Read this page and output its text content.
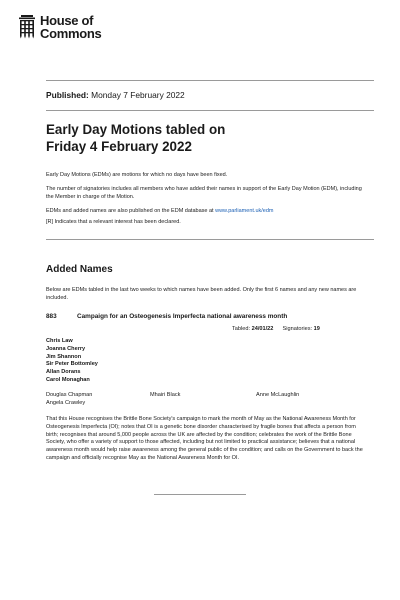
House of
Commons
Published: Monday 7 February 2022
Early Day Motions tabled on
Friday 4 February 2022

Early Day Motions (EDMs) are motions for which no days have been fixed.

The number of signatories includes all members who have added their names in support of the Early Day Motion (EDM), including the Member in charge of the Motion.

EDMs and added names are also published on the EDM database at www.parliament.uk/edm

[R] Indicates that a relevant interest has been declared.

Added Names

Below are EDMs tabled in the last two weeks to which names have been added. Only the first 6 names and any new names are included.

883	Campaign for an Osteogenesis Imperfecta national awareness month
Tabled: 24/01/22 Signatories: 19
Chris Law
Joanna Cherry
Jim Shannon
Sir Peter Bottomley
Allan Dorans
Carol Monaghan
Douglas Chapman	Mhairi Black	Anne McLaughlin
Angela Crawley

That this House recognises the Brittle Bone Society's campaign to mark the month of May as the National Awareness Month for Osteogenesis Imperfecta (OI); notes that OI is a genetic bone disorder characterised by fragile bones that affects a person from birth; recognises that around 5,000 people across the UK are affected by the condition; celebrates the work of the Brittle Bone Society, who offer a variety of support to those affected, including but not limited to practical assistance; believes that a national awareness month would help raise awareness among the general public of the condition; and calls on the Government to back the campaign and officially recognise May as the National Awareness Month for OI.
